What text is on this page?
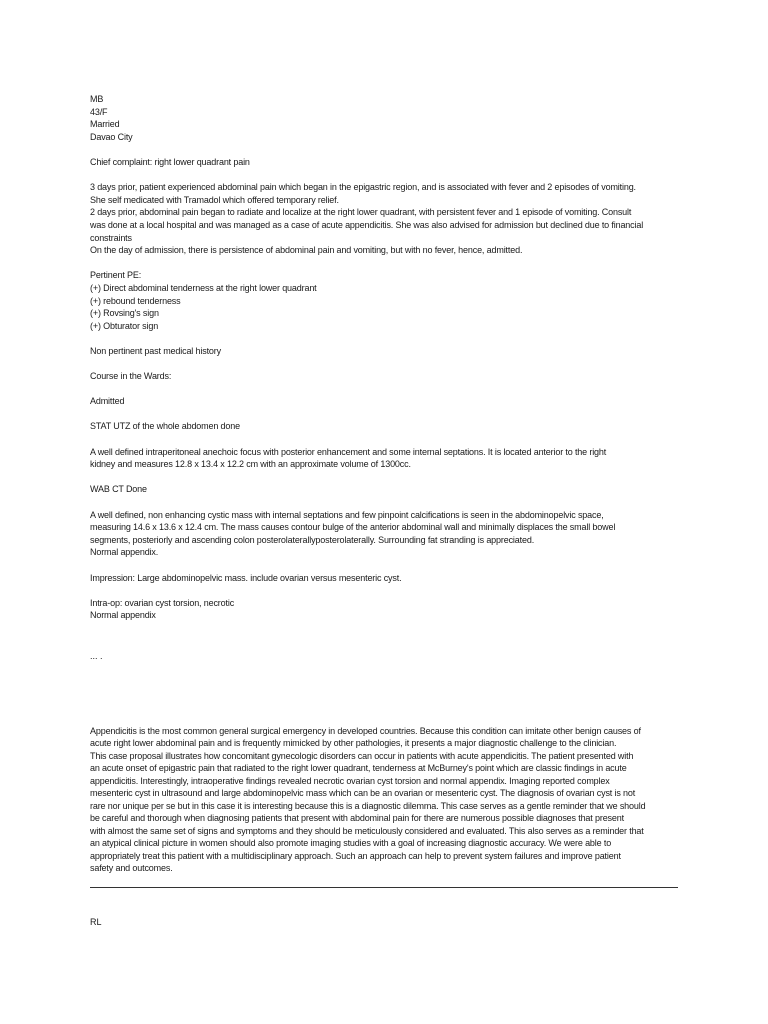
MB
43/F
Married
Davao City
Chief complaint: right lower quadrant pain
3 days prior, patient experienced abdominal pain which began in the epigastric region, and is associated with fever and 2 episodes of vomiting.
She self medicated with Tramadol which offered temporary relief.
2 days prior, abdominal pain began to radiate and localize at the right lower quadrant, with persistent fever and 1 episode of vomiting. Consult
was done at a local hospital and was managed as a case of acute appendicitis. She was also advised for admission but declined due to financial
constraints
On the day of admission, there is persistence of abdominal pain and vomiting, but with no fever, hence, admitted.
Pertinent PE:
(+) Direct abdominal tenderness at the right lower quadrant
(+) rebound tenderness
(+) Rovsing's sign
(+) Obturator sign
Non pertinent past medical history
Course in the Wards:
Admitted
STAT UTZ of the whole abdomen done
A well defined intraperitoneal anechoic focus with posterior enhancement and some internal septations. It is located anterior to the right
kidney and measures 12.8 x 13.4 x 12.2 cm with an approximate volume of 1300cc.
WAB CT Done
A well defined, non enhancing cystic mass with internal septations and few pinpoint calcifications is seen in the abdominopelvic space,
measuring 14.6 x 13.6 x 12.4 cm. The mass causes contour bulge of the anterior abdominal wall and minimally displaces the small bowel
segments, posteriorly and ascending colon posterolaterallyposterolaterally. Surrounding fat stranding is appreciated.
Normal appendix.
Impression: Large abdominopelvic mass. include ovarian versus mesenteric cyst.
Intra-op: ovarian cyst torsion, necrotic
Normal appendix
... .

Appendicitis is the most common general surgical emergency in developed countries. Because this condition can imitate other benign causes of

acute right lower abdominal pain and is frequently mimicked by other pathologies, it presents a major diagnostic challenge to the clinician.

This case proposal illustrates how concomitant gynecologic disorders can occur in patients with acute appendicitis. The patient presented with

an acute onset of epigastric pain that radiated to the right lower quadrant, tenderness at McBurney's point which are classic findings in acute

appendicitis. Interestingly, intraoperative findings revealed necrotic ovarian cyst torsion and normal appendix. Imaging reported complex

mesenteric cyst in ultrasound and large abdominopelvic mass which can be an ovarian or mesenteric cyst. The diagnosis of ovarian cyst is not

rare nor unique per se but in this case it is interesting because this is a diagnostic dilemma. This case serves as a gentle reminder that we should

be careful and thorough when diagnosing patients that present with abdominal pain for there are numerous possible diagnoses that present

with almost the same set of signs and symptoms and they should be meticulously considered and evaluated. This also serves as a reminder that

an atypical clinical picture in women should also promote imaging studies with a goal of increasing diagnostic accuracy. We were able to

appropriately treat this patient with a multidisciplinary approach. Such an approach can help to prevent system failures and improve patient

safety and outcomes.

RL
